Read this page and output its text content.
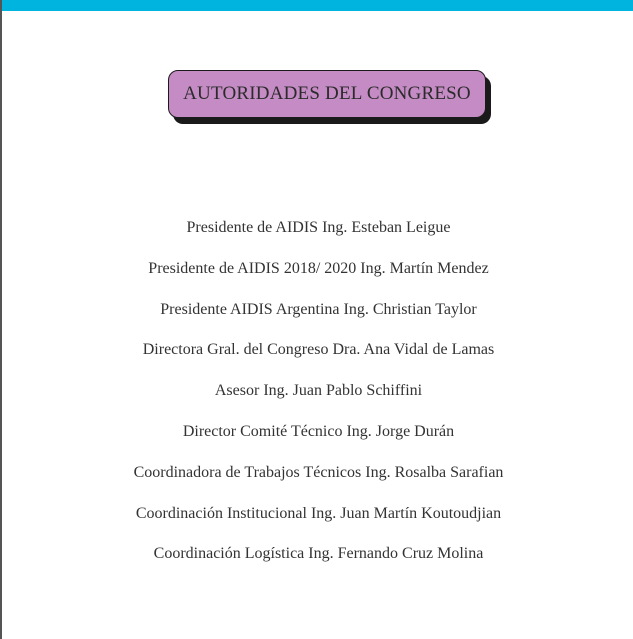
AUTORIDADES DEL CONGRESO
Presidente de AIDIS Ing. Esteban Leigue
Presidente de AIDIS 2018/ 2020 Ing. Martín Mendez
Presidente AIDIS Argentina Ing. Christian Taylor
Directora Gral. del Congreso Dra. Ana Vidal de Lamas
Asesor Ing. Juan Pablo Schiffini
Director Comité Técnico Ing. Jorge Durán
Coordinadora de Trabajos Técnicos Ing. Rosalba Sarafian
Coordinación Institucional Ing. Juan Martín Koutoudjian
Coordinación Logística Ing. Fernando Cruz Molina
